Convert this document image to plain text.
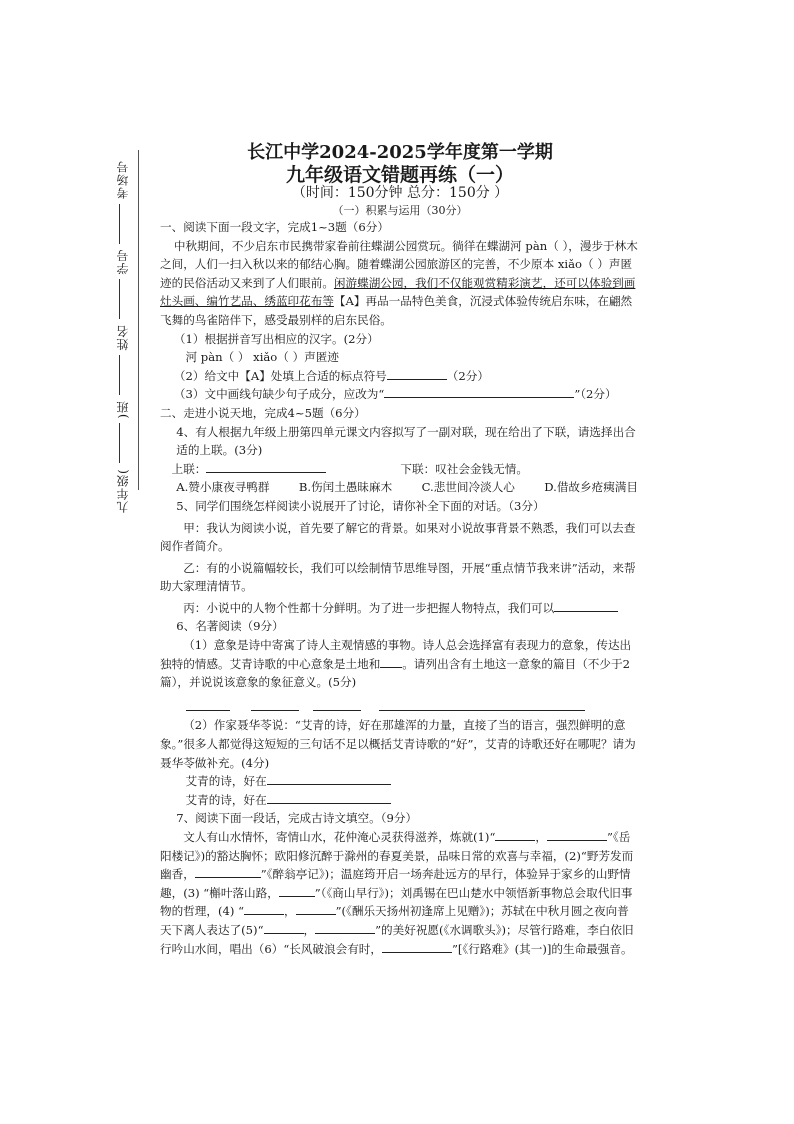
九年级(  )班  姓名  学号  考场号
长江中学2024-2025学年度第一学期
九年级语文错题再练（一）
（时间：150分钟 总分：150分 ）
（一）积累与运用（30分）

一、阅读下面一段文字，完成1~3题（6分）

中秋期间，不少启东市民携带家眷前往蝶湖公园赏玩。徜徉在蝶湖河 pàn（ ），漫步于林木之间，人们一扫入秋以来的郁结心胸。随着蝶湖公园旅游区的完善，不少原本 xiǎo（ ）声匿迹的民俗活动又来到了人们眼前。闲游蝶湖公园，我们不仅能观赏精彩演艺，还可以体验到画灶头画、编竹艺品、绣蓝印花布等【A】再品一品特色美食，沉浸式体验传统启东味，在翩然飞舞的鸟雀陪伴下，感受最别样的启东民俗。

（1）根据拼音写出相应的汉字。(2分）

河 pàn（ ） xiǎo（ ）声匿迹

（2）给文中【A】处填上合适的标点符号	（2分）

（3）文中画线句缺少句子成分，应改为“	”（2分）

二、走进小说天地，完成4~5题（6分）

4、有人根据九年级上册第四单元课文内容拟写了一副对联，现在给出了下联，请选择出合适的上联。(3分)

上联：	下联：叹社会金钱无情。

A.赞小康夜寻鸭群	B.伤闰土愚昧麻木	C.悲世间冷淡人心	D.借故乡疮痍满目

5、同学们围绕怎样阅读小说展开了讨论，请你补全下面的对话。（3分）

甲：我认为阅读小说，首先要了解它的背景。如果对小说故事背景不熟悉，我们可以去查阅作者简介。

乙：有的小说篇幅较长，我们可以绘制情节思维导图，开展“重点情节我来讲”活动，来帮助大家理清情节。

丙：小说中的人物个性都十分鲜明。为了进一步把握人物特点，我们可以

6、名著阅读（9分）

（1）意象是诗中寄寓了诗人主观情感的事物。诗人总会选择富有表现力的意象，传达出独特的情感。艾青诗歌的中心意象是土地和 。请列出含有土地这一意象的篇目（不少于2篇），并说说该意象的象征意义。(5分)

（2）作家聂华苓说：“艾青的诗，好在那雄浑的力量，直接了当的语言，强烈鲜明的意象。”很多人都觉得这短短的三句话不足以概括艾青诗歌的“好”，艾青的诗歌还好在哪呢？请为聂华苓做补充。(4分)

艾青的诗，好在

艾青的诗，好在

7、阅读下面一段话，完成古诗文填空。（9分）

文人有山水情怀，寄情山水，花仲淹心灵获得滋养，炼就(1)“	，	”《岳阳楼记》)的豁达胸怀；欧阳修沉醉于滁州的春夏美景，品味日常的欢喜与幸福，(2)“野芳发而幽香，	”《醉翁亭记》)；温庭筠开启一场奔赴远方的早行，体验异于家乡的山野情趣，(3) “槲叶落山路，	”（《商山早行》)；刘禹锡在巴山楚水中领悟新事物总会取代旧事物的哲理，(4) “	，	”(《酬乐天扬州初逢席上见赠》)；苏轼在中秋月圆之夜向普天下离人表达了(5)“	，	”的美好祝愿(《水调歌头》)；尽管行路难，李白依旧行吟山水间，唱出（6）“长风破浪会有时，	”[《行路难》(其一)]的生命最强音。
